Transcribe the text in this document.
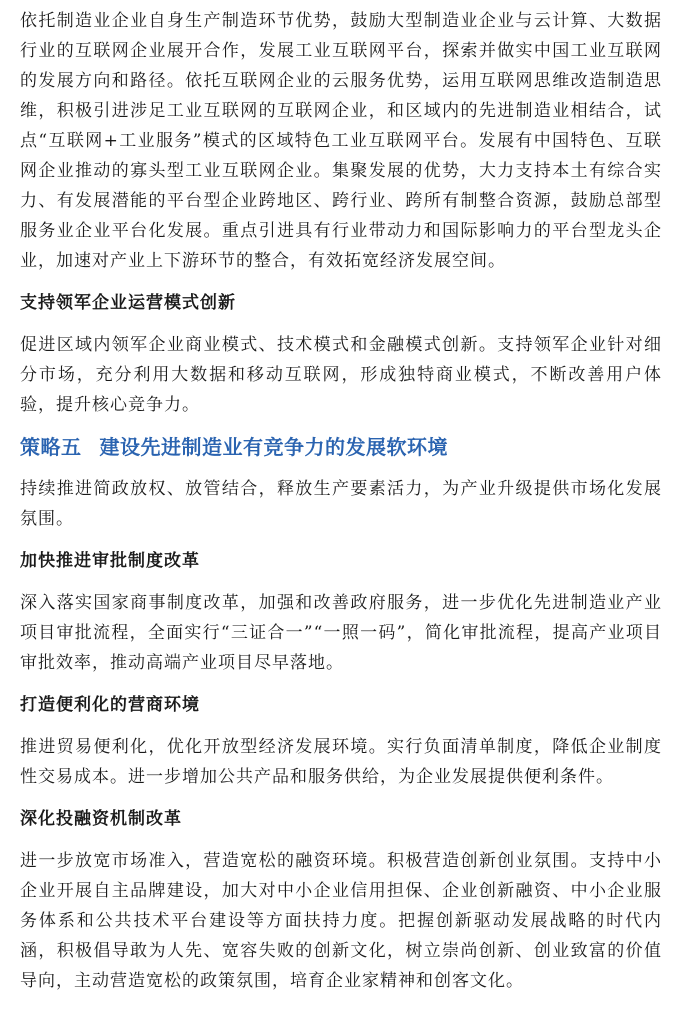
依托制造业企业自身生产制造环节优势，鼓励大型制造业企业与云计算、大数据行业的互联网企业展开合作，发展工业互联网平台，探索并做实中国工业互联网的发展方向和路径。依托互联网企业的云服务优势，运用互联网思维改造制造思维，积极引进涉足工业互联网的互联网企业，和区域内的先进制造业相结合，试点“互联网+工业服务”模式的区域特色工业互联网平台。发展有中国特色、互联网企业推动的寡头型工业互联网企业。集聚发展的优势，大力支持本土有综合实力、有发展潜能的平台型企业跨地区、跨行业、跨所有制整合资源，鼓励总部型服务业企业平台化发展。重点引进具有行业带动力和国际影响力的平台型龙头企业，加速对产业上下游环节的整合，有效拓宽经济发展空间。

支持领军企业运营模式创新

促进区域内领军企业商业模式、技术模式和金融模式创新。支持领军企业针对细分市场，充分利用大数据和移动互联网，形成独特商业模式，不断改善用户体验，提升核心竞争力。

策略五 建设先进制造业有竞争力的发展软环境

持续推进简政放权、放管结合，释放生产要素活力，为产业升级提供市场化发展氛围。

加快推进审批制度改革

深入落实国家商事制度改革，加强和改善政府服务，进一步优化先进制造业产业项目审批流程，全面实行“三证合一”“一照一码”，简化审批流程，提高产业项目审批效率，推动高端产业项目尽早落地。

打造便利化的营商环境

推进贸易便利化，优化开放型经济发展环境。实行负面清单制度，降低企业制度性交易成本。进一步增加公共产品和服务供给，为企业发展提供便利条件。

深化投融资机制改革

进一步放宽市场准入，营造宽松的融资环境。积极营造创新创业氛围。支持中小企业开展自主品牌建设，加大对中小企业信用担保、企业创新融资、中小企业服务体系和公共技术平台建设等方面扶持力度。把握创新驱动发展战略的时代内涵，积极倡导敢为人先、宽容失败的创新文化，树立崇尚创新、创业致富的价值导向，主动营造宽松的政策氛围，培育企业家精神和创客文化。
